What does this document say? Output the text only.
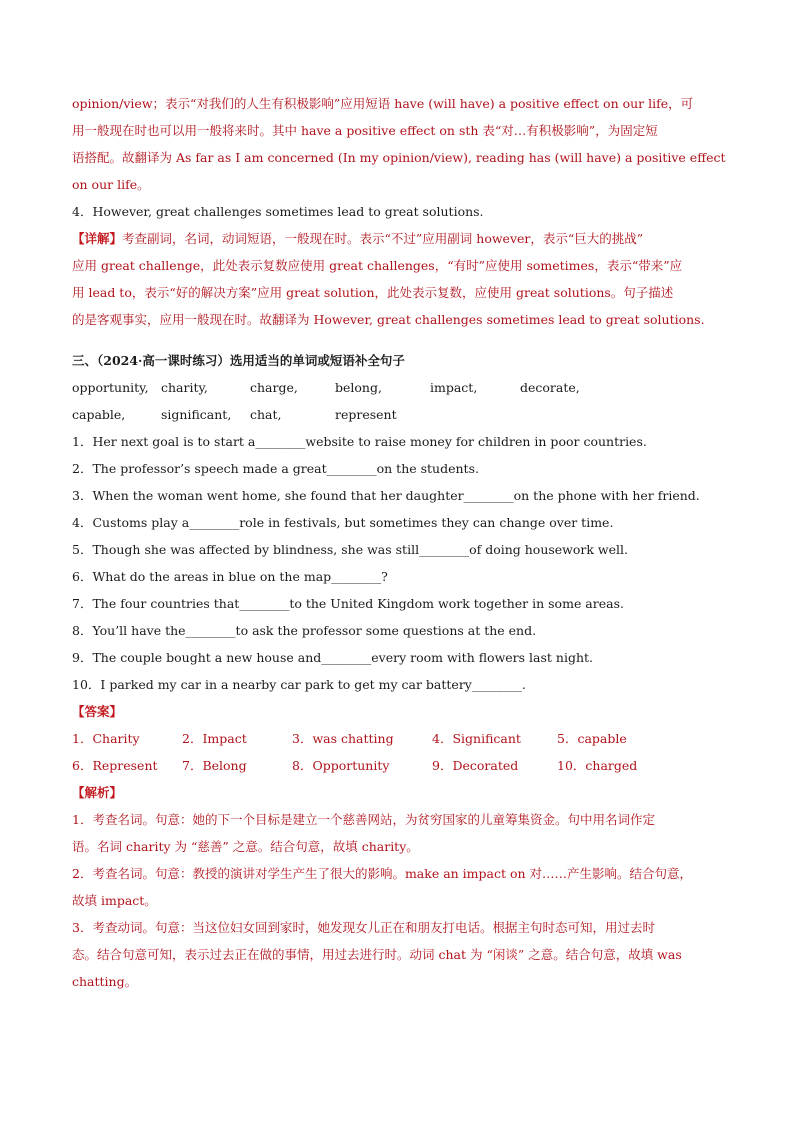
opinion/view；表示“对我们的人生有积极影响”应用短语 have (will have) a positive effect on our life，可

用一般现在时也可以用一般将来时。其中 have a positive effect on sth 表“对…有积极影响”，为固定短

语搭配。故翻译为 As far as I am concerned (In my opinion/view), reading has (will have) a positive effect

on our life。

4．However, great challenges sometimes lead to great solutions.

【详解】考查副词，名词，动词短语，一般现在时。表示“不过”应用副词 however，表示“巨大的挑战”

应用 great challenge，此处表示复数应使用 great challenges，“有时”应使用 sometimes，表示“带来”应

用 lead to，表示“好的解决方案”应用 great solution，此处表示复数，应使用 great solutions。句子描述

的是客观事实，应用一般现在时。故翻译为 However, great challenges sometimes lead to great solutions.

三、（2024·高一课时练习）选用适当的单词或短语补全句子

opportunity, charity,	charge,	belong,	impact,	decorate,
capable,	significant,	chat,	represent

1．Her next goal is to start a________website to raise money for children in poor countries.

2．The professor’s speech made a great________on the students.

3．When the woman went home, she found that her daughter________on the phone with her friend.

4．Customs play a________role in festivals, but sometimes they can change over time.

5．Though she was affected by blindness, she was still________of doing housework well.

6．What do the areas in blue on the map________?

7．The four countries that________to the United Kingdom work together in some areas.

8．You’ll have the________to ask the professor some questions at the end.

9．The couple bought a new house and________every room with flowers last night.

10．I parked my car in a nearby car park to get my car battery________.

【答案】

1．Charity	2．Impact	3．was chatting	4．Significant	5．capable
6．Represent	7．Belong	8．Opportunity	9．Decorated	10．charged

【解析】

1．考查名词。句意：她的下一个目标是建立一个慈善网站，为贫穷国家的儿童筹集资金。句中用名词作定

语。名词 charity 为 “慈善” 之意。结合句意，故填 charity。

2．考查名词。句意：教授的演讲对学生产生了很大的影响。make an impact on 对……产生影响。结合句意，

故填 impact。

3．考查动词。句意：当这位妇女回到家时，她发现女儿正在和朋友打电话。根据主句时态可知，用过去时

态。结合句意可知，表示过去正在做的事情，用过去进行时。动词 chat 为 “闲谈” 之意。结合句意，故填 was

chatting。
